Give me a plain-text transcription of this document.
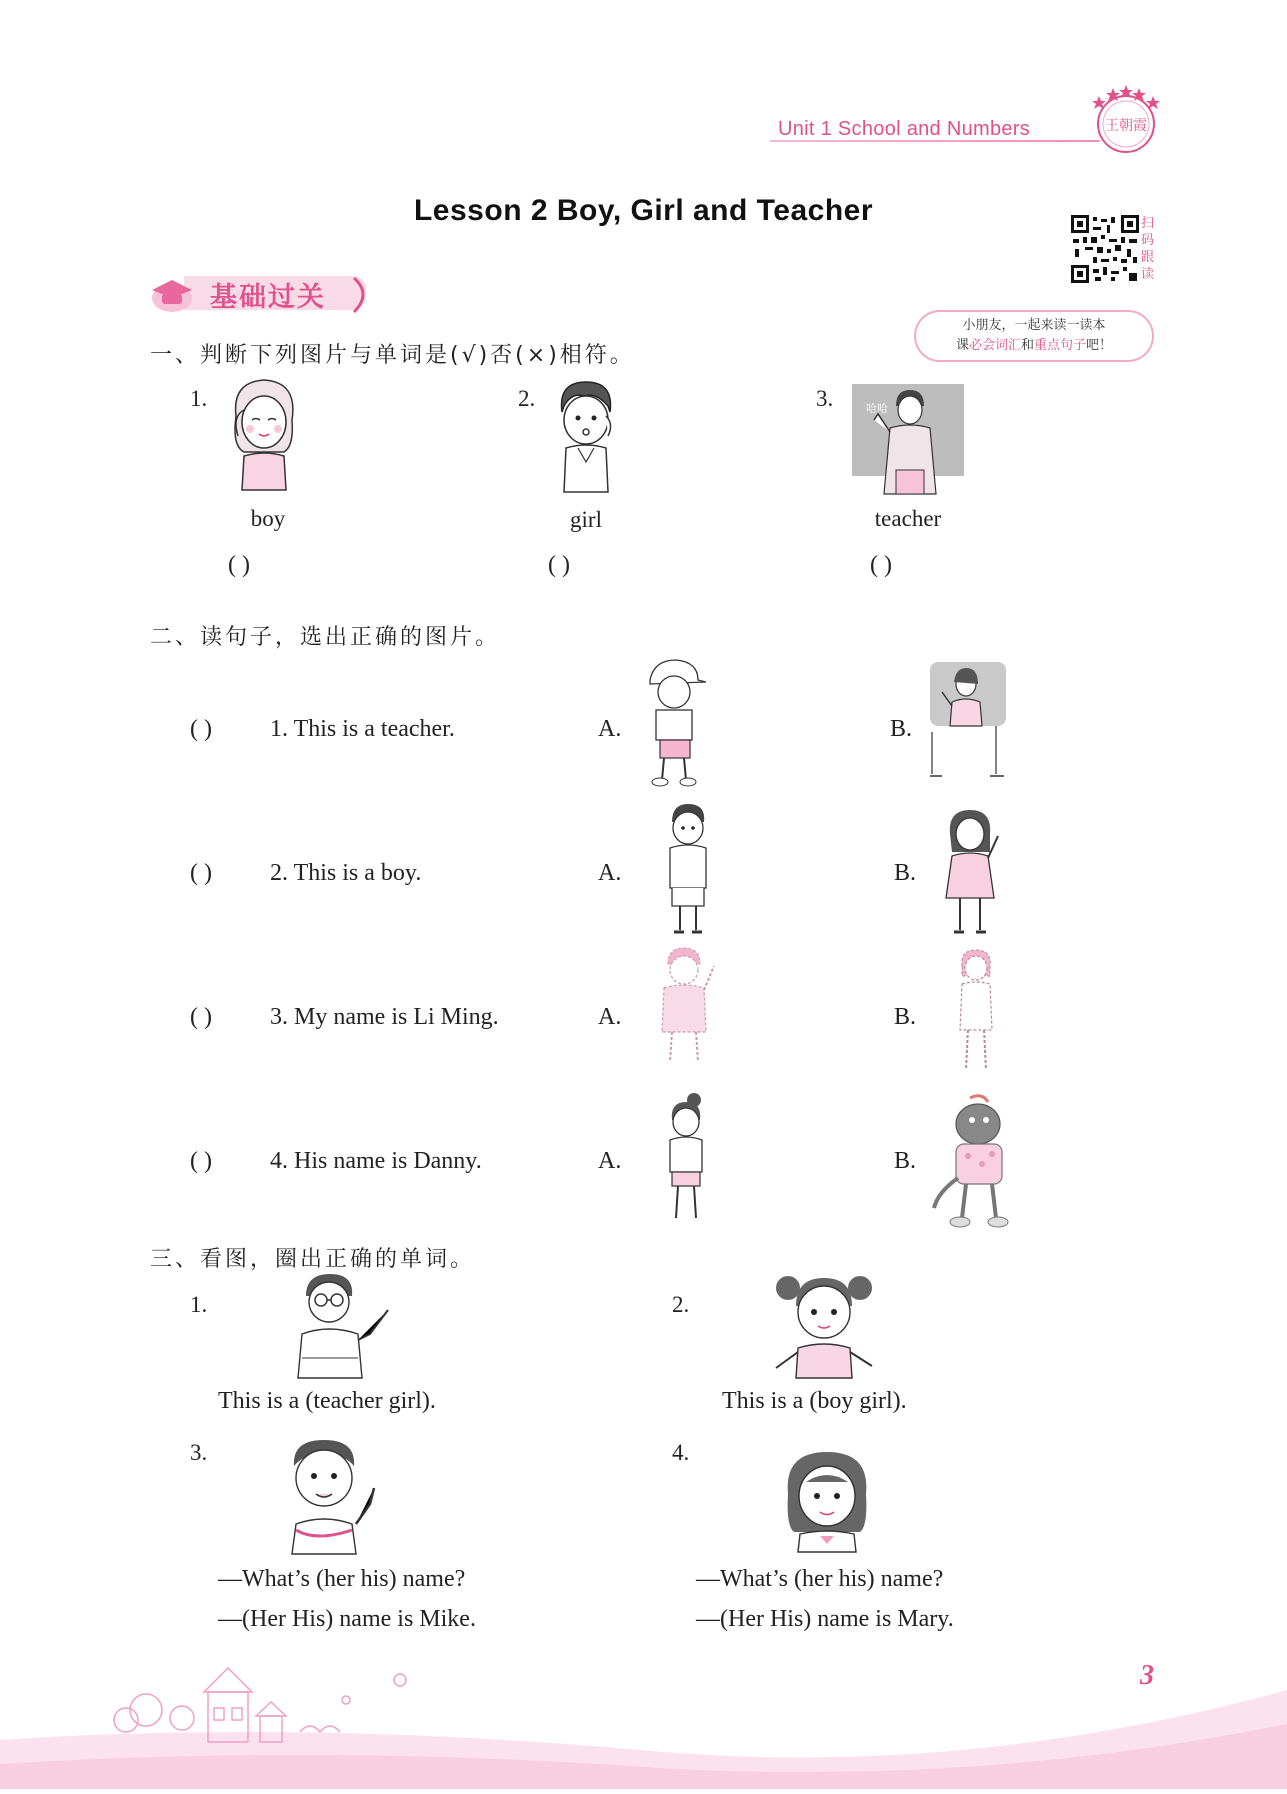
Unit 1 School and Numbers	王朝霞
Lesson 2 Boy, Girl and Teacher	扫码跟读
基础过关
小朋友，一起来读一读本
课必会词汇和重点句子吧！
一、判断下列图片与单词是(√)否(×)相符。
1.
boy
( )
2.
girl
( )
3.	哈哈
teacher
( )
二、读句子，选出正确的图片。
( ) 1. This is a teacher.	A.	B.
( ) 2. This is a boy.	A.	B.
( ) 3. My name is Li Ming.	A.	B.
( ) 4. His name is Danny.	A.	B.
三、看图，圈出正确的单词。
1.
This is a (teacher girl).
2.
This is a (boy girl).
3.
—What’s (her his) name?
—(Her His) name is Mike.
4.
—What’s (her his) name?
—(Her His) name is Mary.
3
